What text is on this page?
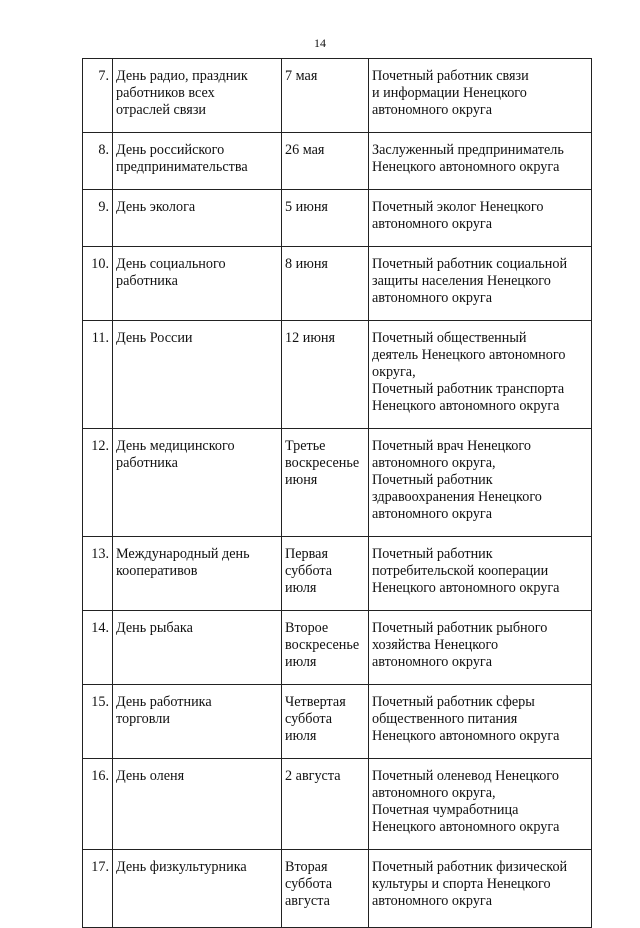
14
7.	День радио, праздник
работников всех
отраслей связи	7 мая	Почетный работник связи
и информации Ненецкого
автономного округа
8.	День российского
предпринимательства	26 мая	Заслуженный предприниматель
Ненецкого автономного округа
9.	День эколога	5 июня	Почетный эколог Ненецкого
автономного округа
10.	День социального
работника	8 июня	Почетный работник социальной
защиты населения Ненецкого
автономного округа
11.	День России	12 июня	Почетный общественный
деятель Ненецкого автономного
округа,
Почетный работник транспорта
Ненецкого автономного округа
12.	День медицинского
работника	Третье
воскресенье
июня	Почетный врач Ненецкого
автономного округа,
Почетный работник
здравоохранения Ненецкого
автономного округа
13.	Международный день
кооперативов	Первая
суббота
июля	Почетный работник
потребительской кооперации
Ненецкого автономного округа
14.	День рыбака	Второе
воскресенье
июля	Почетный работник рыбного
хозяйства Ненецкого
автономного округа
15.	День работника
торговли	Четвертая
суббота
июля	Почетный работник сферы
общественного питания
Ненецкого автономного округа
16.	День оленя	2 августа	Почетный оленевод Ненецкого
автономного округа,
Почетная чумработница
Ненецкого автономного округа
17.	День физкультурника	Вторая
суббота
августа	Почетный работник физической
культуры и спорта Ненецкого
автономного округа
